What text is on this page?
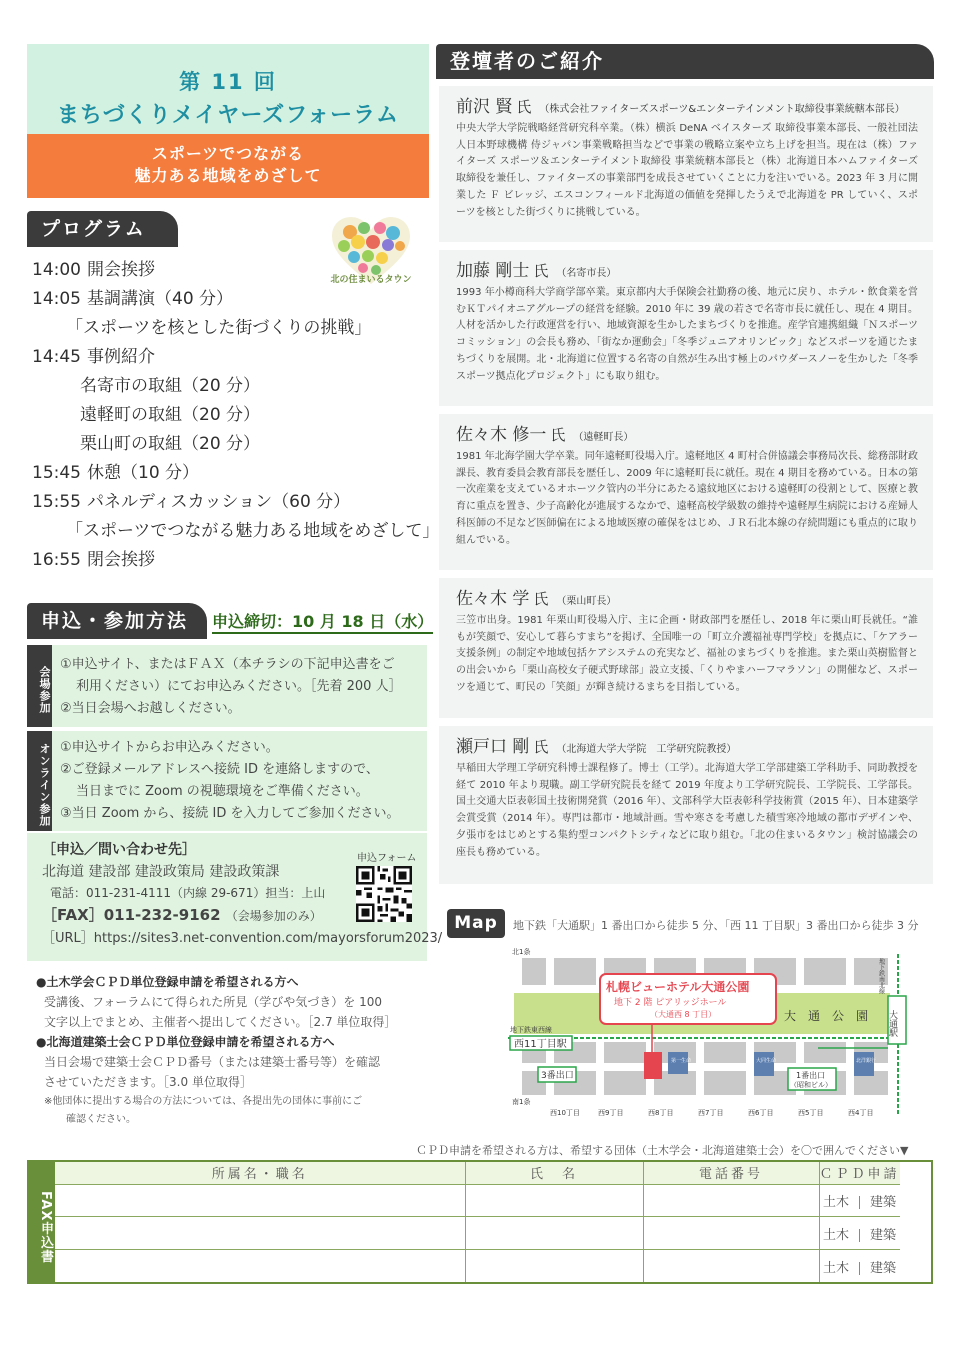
第 11 回
まちづくりメイヤーズフォーラム
スポーツでつながる
魅力ある地域をめざして
プログラム
北の住まいるタウン
14:00 開会挨拶
14:05 基調講演（40 分）
「スポーツを核とした街づくりの挑戦」
14:45 事例紹介
名寄市の取組（20 分）
遠軽町の取組（20 分）
栗山町の取組（20 分）
15:45 休憩（10 分）
15:55 パネルディスカッション（60 分）
「スポーツでつながる魅力ある地域をめざして」
16:55 閉会挨拶
申込・参加方法	申込締切：10 月 18 日（水）
会場参加

①申込サイト、またはＦＡＸ（本チラシの下記申込書をご

利用ください）にてお申込みください。［先着 200 人］

②当日会場へお越しください。

オンライン参加 ①申込サイトからお申込みください。

②ご登録メールアドレスへ接続 ID を連絡しますので、

当日までに Zoom の視聴環境をご準備ください。

③当日 Zoom から、接続 ID を入力してご参加ください。

［申込／問い合わせ先］

北海道 建設部 建設政策局 建設政策課

電話：011-231-4111（内線 29-671）担当：上山

［FAX］011-232-9162 （会場参加のみ）

［URL］https://sites3.net-convention.com/mayorsforum2023/

申込フォーム

●土木学会ＣＰＤ単位登録申請を希望される方へ

受講後、フォーラムにて得られた所見（学びや気づき）を 100

文字以上でまとめ、主催者へ提出してください。［2.7 単位取得］

●北海道建築士会ＣＰＤ単位登録申請を希望される方へ

当日会場で建築士会ＣＰＤ番号（または建築士番号等）を確認

させていただきます。［3.0 単位取得］

※他団体に提出する場合の方法については、各提出先の団体に事前にご

確認ください。

登壇者のご紹介
前沢 賢 氏 （株式会社ファイターズスポーツ&エンターテインメント取締役事業統轄本部長）

中央大学大学院戦略経営研究科卒業。（株）横浜 DeNA ベイスターズ 取締役事業本部長、一般社団法人日本野球機構 侍ジャパン事業戦略担当などで事業の戦略立案や立ち上げを担当。現在は（株）ファイターズ スポーツ＆エンターテイメント取締役 事業統轄本部長と（株）北海道日本ハムファイターズ取締役を兼任し、ファイターズの事業部門を成長させていくことに力を注いでいる。2023 年 3 月に開業した Ｆ ビレッジ、エスコンフィールド北海道の価値を発揮したうえで北海道を PR していく、スポーツを核とした街づくりに挑戦している。

加藤 剛士 氏 （名寄市長）

1993 年小樽商科大学商学部卒業。東京都内大手保険会社勤務の後、地元に戻り、ホテル・飲食業を営むＫＴパイオニアグループの経営を経験。2010 年に 39 歳の若さで名寄市長に就任し、現在 4 期目。人材を活かした行政運営を行い、地域資源を生かしたまちづくりを推進。産学官連携組織「Ｎスポーツコミッション」の会長も務め、「街なか運動会」「冬季ジュニアオリンピック」などスポーツを通じたまちづくりを展開。北・北海道に位置する名寄の自然が生み出す極上のパウダースノーを生かした「冬季スポーツ拠点化プロジェクト」にも取り組む。

佐々木 修一 氏 （遠軽町長）

1981 年北海学園大学卒業。同年遠軽町役場入庁。遠軽地区 4 町村合併協議会事務局次長、総務部財政課長、教育委員会教育部長を歴任し、2009 年に遠軽町長に就任。現在 4 期目を務めている。日本の第一次産業を支えているオホーツク管内の半分にあたる遠紋地区における遠軽町の役割として、医療と教育に重点を置き、少子高齢化が進展するなかで、遠軽高校学級数の維持や遠軽厚生病院における産婦人科医師の不足など医師偏在による地域医療の確保をはじめ、ＪＲ石北本線の存続問題にも重点的に取り組んでいる。

佐々木 学 氏 （栗山町長）

三笠市出身。1981 年栗山町役場入庁、主に企画・財政部門を歴任し、2018 年に栗山町長就任。“誰もが笑顔で、安心して暮らすまち”を掲げ、全国唯一の「町立介護福祉専門学校」を拠点に、「ケアラー支援条例」の制定や地域包括ケアシステムの充実など、福祉のまちづくりを推進。また栗山英樹監督との出会いから「栗山高校女子硬式野球部」設立支援、「くりやまハーフマラソン」の開催など、スポーツを通じて、町民の「笑顔」が輝き続けるまちを目指している。

瀬戸口 剛 氏 （北海道大学大学院　工学研究院教授）

早稲田大学理工学研究科博士課程修了。博士（工学）。北海道大学工学部建築工学科助手、同助教授を経て 2010 年より現職。副工学研究院長を経て 2019 年度より工学研究院長、工学院長、工学部長。国土交通大臣表彰国土技術開発賞（2016 年）、文部科学大臣表彰科学技術賞（2015 年）、日本建築学会賞受賞（2014 年）。専門は都市・地域計画。雪や寒さを考慮した積雪寒冷地域の都市デザインや、夕張市をはじめとする集約型コンパクトシティなどに取り組む。「北の住まいるタウン」検討協議会の座長も務めている。

Map	地下鉄「大通駅」1 番出口から徒歩 5 分、「西 11 丁目駅」3 番出口から徒歩 3 分
大　通　公　園
札幌ビューホテル大通公園
地下 2 階 ピアリッジホール
（大通西 8 丁目）
第一生命	大同生命	北洋銀行
地下鉄東西線
西11丁目駅
3番出口
大通駅
地下鉄南北線
1番出口
（昭和ビル）
北1条
南1条
西10丁目	西9丁目	西8丁目	西7丁目	西6丁目	西5丁目	西4丁目
ＣＰＤ申請を希望される方は、希望する団体（土木学会・北海道建築士会）を〇で囲んでください▼
FAX申込書
所属名・職名	氏　名	電話番号	ＣＰＤ申請
			土木 建築
			土木 建築
			土木 建築
